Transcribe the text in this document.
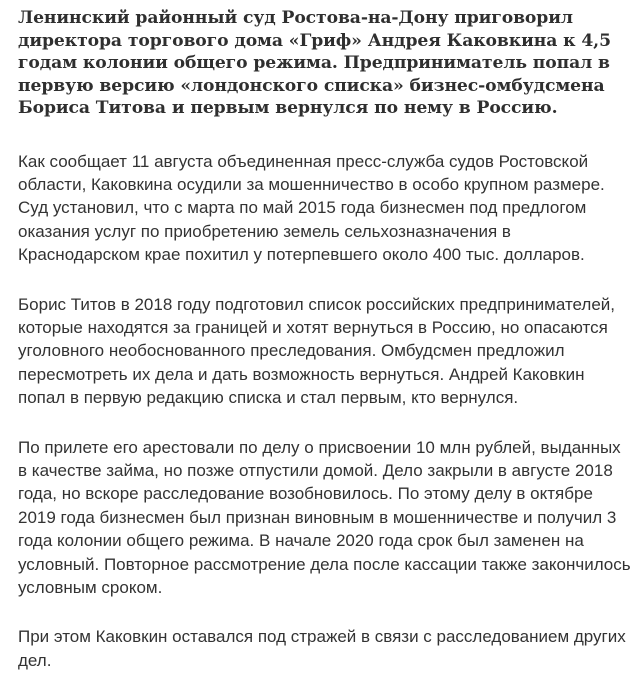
Ленинский районный суд Ростова-на-Дону приговорил директора торгового дома «Гриф» Андрея Каковкина к 4,5 годам колонии общего режима. Предприниматель попал в первую версию «лондонского списка» бизнес-омбудсмена Бориса Титова и первым вернулся по нему в Россию.

Как сообщает 11 августа объединенная пресс-служба судов Ростовской области, Каковкина осудили за мошенничество в особо крупном размере. Суд установил, что с марта по май 2015 года бизнесмен под предлогом оказания услуг по приобретению земель сельхозназначения в Краснодарском крае похитил у потерпевшего около 400 тыс. долларов.

Борис Титов в 2018 году подготовил список российских предпринимателей, которые находятся за границей и хотят вернуться в Россию, но опасаются уголовного необоснованного преследования. Омбудсмен предложил пересмотреть их дела и дать возможность вернуться. Андрей Каковкин попал в первую редакцию списка и стал первым, кто вернулся.

По прилете его арестовали по делу о присвоении 10 млн рублей, выданных в качестве займа, но позже отпустили домой. Дело закрыли в августе 2018 года, но вскоре расследование возобновилось. По этому делу в октябре 2019 года бизнесмен был признан виновным в мошенничестве и получил 3 года колонии общего режима. В начале 2020 года срок был заменен на условный. Повторное рассмотрение дела после кассации также закончилось условным сроком.

При этом Каковкин оставался под стражей в связи с расследованием других дел.
